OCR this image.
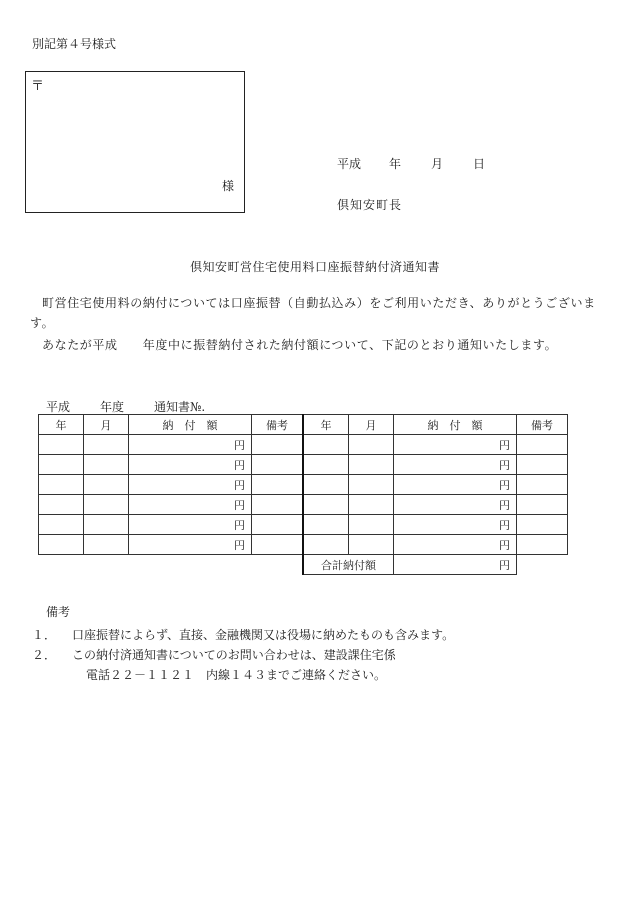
別記第４号様式
〒
様
平成 年 月 日
倶知安町長
倶知安町営住宅使用料口座振替納付済通知書
町営住宅使用料の納付については口座振替（自動払込み）をご利用いただき、ありがとうございます。
あなたが平成　　年度中に振替納付された納付額について、下記のとおり通知いたします。
平成 年度 通知書№.
年	月	納　付　額	備考	年	月	納　付　額	備考
		円				円	
		円				円	
		円				円	
		円				円	
		円				円	
		円				円	
				合計納付額		円	
備考
１． 口座振替によらず、直接、金融機関又は役場に納めたものも含みます。
２． この納付済通知書についてのお問い合わせは、建設課住宅係
電話２２－１１２１　内線１４３までご連絡ください。
